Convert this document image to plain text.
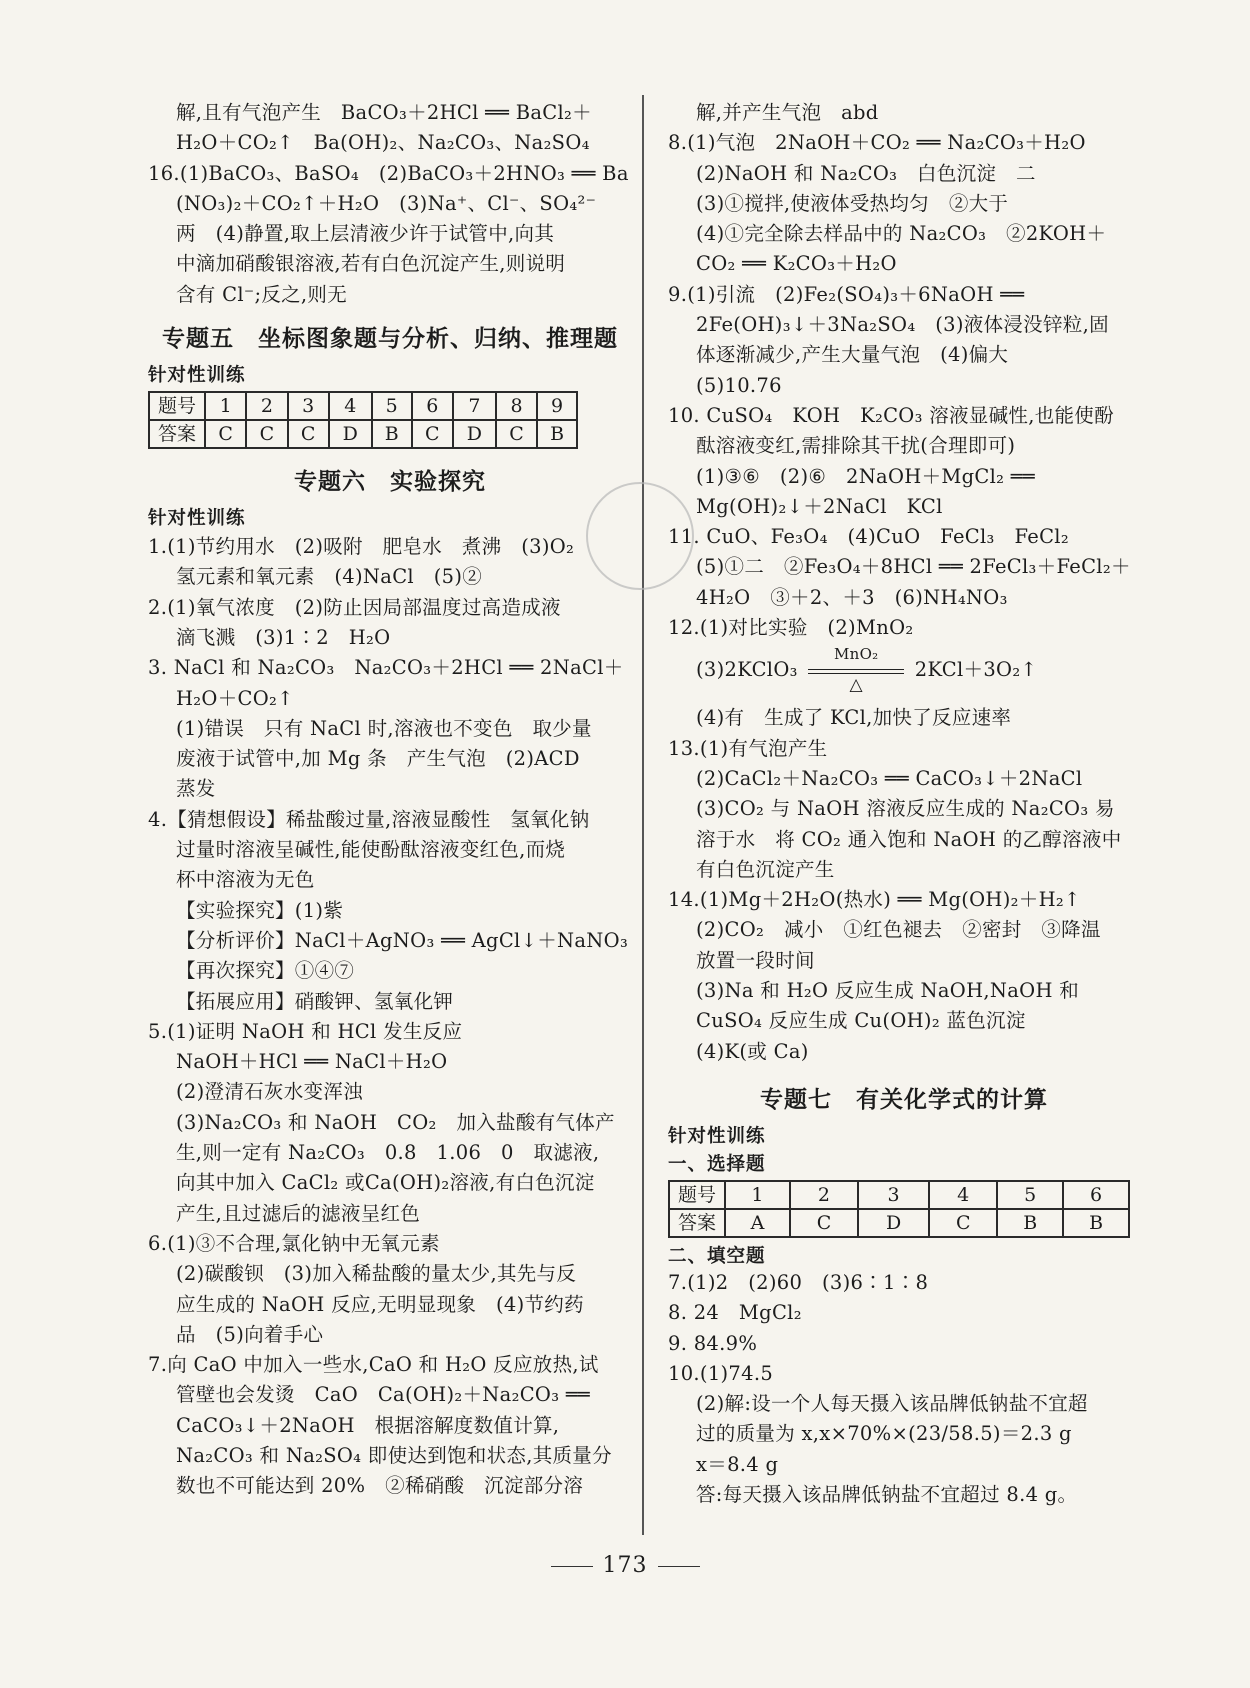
解,且有气泡产生　BaCO₃＋2HCl ══ BaCl₂＋
H₂O＋CO₂↑　Ba(OH)₂、Na₂CO₃、Na₂SO₄
16.(1)BaCO₃、BaSO₄　(2)BaCO₃＋2HNO₃ ══ Ba
(NO₃)₂＋CO₂↑＋H₂O　(3)Na⁺、Cl⁻、SO₄²⁻
两　(4)静置,取上层清液少许于试管中,向其
中滴加硝酸银溶液,若有白色沉淀产生,则说明
含有 Cl⁻;反之,则无
专题五　坐标图象题与分析、归纳、推理题
针对性训练
题号	1	2	3	4	5	6	7	8	9
答案	C	C	C	D	B	C	D	C	B
专题六　实验探究
针对性训练
1.(1)节约用水　(2)吸附　肥皂水　煮沸　(3)O₂
氢元素和氧元素　(4)NaCl　(5)②
2.(1)氧气浓度　(2)防止因局部温度过高造成液
滴飞溅　(3)1∶2　H₂O
3. NaCl 和 Na₂CO₃　Na₂CO₃＋2HCl ══ 2NaCl＋
H₂O＋CO₂↑
(1)错误　只有 NaCl 时,溶液也不变色　取少量
废液于试管中,加 Mg 条　产生气泡　(2)ACD
蒸发
4.【猜想假设】稀盐酸过量,溶液显酸性　氢氧化钠
过量时溶液呈碱性,能使酚酞溶液变红色,而烧
杯中溶液为无色
【实验探究】(1)紫
【分析评价】NaCl＋AgNO₃ ══ AgCl↓＋NaNO₃
【再次探究】①④⑦
【拓展应用】硝酸钾、氢氧化钾
5.(1)证明 NaOH 和 HCl 发生反应
NaOH＋HCl ══ NaCl＋H₂O
(2)澄清石灰水变浑浊
(3)Na₂CO₃ 和 NaOH　CO₂　加入盐酸有气体产
生,则一定有 Na₂CO₃　0.8　1.06　0　取滤液,
向其中加入 CaCl₂ 或Ca(OH)₂溶液,有白色沉淀
产生,且过滤后的滤液呈红色
6.(1)③不合理,氯化钠中无氧元素
(2)碳酸钡　(3)加入稀盐酸的量太少,其先与反
应生成的 NaOH 反应,无明显现象　(4)节约药
品　(5)向着手心
7.向 CaO 中加入一些水,CaO 和 H₂O 反应放热,试
管壁也会发烫　CaO　Ca(OH)₂＋Na₂CO₃ ══
CaCO₃↓＋2NaOH　根据溶解度数值计算,
Na₂CO₃ 和 Na₂SO₄ 即使达到饱和状态,其质量分
数也不可能达到 20%　②稀硝酸　沉淀部分溶
解,并产生气泡　abd
8.(1)气泡　2NaOH＋CO₂ ══ Na₂CO₃＋H₂O
(2)NaOH 和 Na₂CO₃　白色沉淀　二
(3)①搅拌,使液体受热均匀　②大于
(4)①完全除去样品中的 Na₂CO₃　②2KOH＋
CO₂ ══ K₂CO₃＋H₂O
9.(1)引流　(2)Fe₂(SO₄)₃＋6NaOH ══
2Fe(OH)₃↓＋3Na₂SO₄　(3)液体浸没锌粒,固
体逐渐减少,产生大量气泡　(4)偏大
(5)10.76
10. CuSO₄　KOH　K₂CO₃ 溶液显碱性,也能使酚
酞溶液变红,需排除其干扰(合理即可)
(1)③⑥　(2)⑥　2NaOH＋MgCl₂ ══
Mg(OH)₂↓＋2NaCl　KCl
11. CuO、Fe₃O₄　(4)CuO　FeCl₃　FeCl₂
(5)①二　②Fe₃O₄＋8HCl ══ 2FeCl₃＋FeCl₂＋
4H₂O　③＋2、＋3　(6)NH₄NO₃
12.(1)对比实验　(2)MnO₂
(3)2KClO₃
MnO₂
△
2KCl＋3O₂↑
(4)有　生成了 KCl,加快了反应速率
13.(1)有气泡产生
(2)CaCl₂＋Na₂CO₃ ══ CaCO₃↓＋2NaCl
(3)CO₂ 与 NaOH 溶液反应生成的 Na₂CO₃ 易
溶于水　将 CO₂ 通入饱和 NaOH 的乙醇溶液中
有白色沉淀产生
14.(1)Mg＋2H₂O(热水) ══ Mg(OH)₂＋H₂↑
(2)CO₂　减小　①红色褪去　②密封　③降温
放置一段时间
(3)Na 和 H₂O 反应生成 NaOH,NaOH 和
CuSO₄ 反应生成 Cu(OH)₂ 蓝色沉淀
(4)K(或 Ca)
专题七　有关化学式的计算
针对性训练
一、选择题
题号	1	2	3	4	5	6
答案	A	C	D	C	B	B
二、填空题
7.(1)2　(2)60　(3)6∶1∶8
8. 24　MgCl₂
9. 84.9%
10.(1)74.5
(2)解:设一个人每天摄入该品牌低钠盐不宜超
过的质量为 x,x×70%×(23/58.5)＝2.3 g
x＝8.4 g
答:每天摄入该品牌低钠盐不宜超过 8.4 g。
173
